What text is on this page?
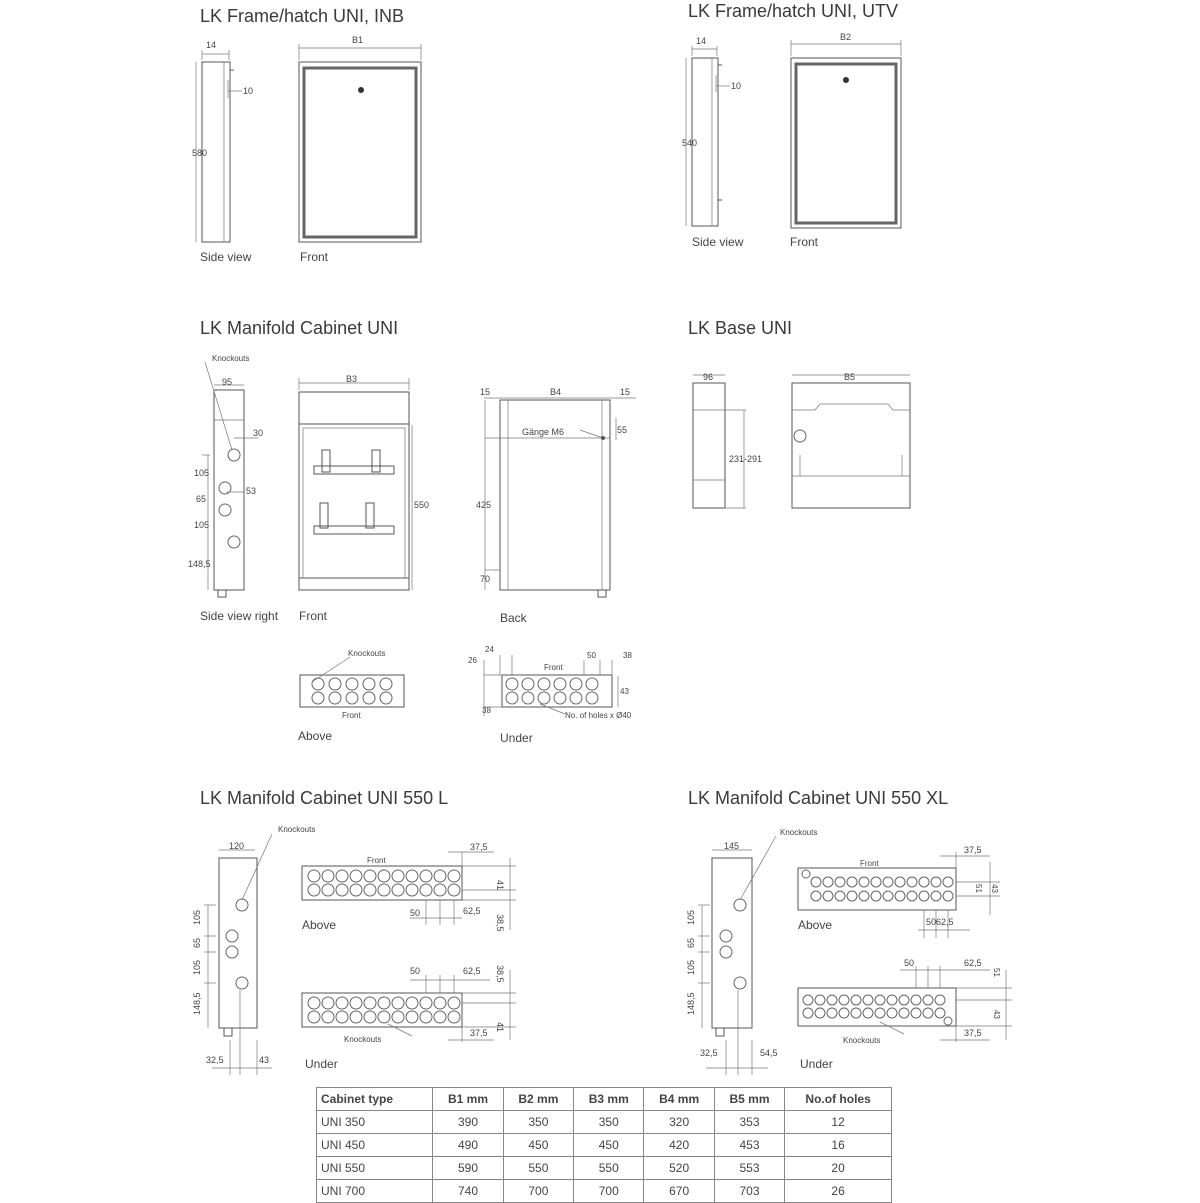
LK Frame/hatch UNI, INB	LK Frame/hatch UNI, UTV
LK Manifold Cabinet UNI	LK Base UNI
LK Manifold Cabinet UNI 550 L	LK Manifold Cabinet UNI 550 XL
Side view	Front
Side view	Front
Side view right Front	Back
Above	Under
Above
Under
Above
Under
14
10
580
B1	14
10
540
B2
Knockouts
95
30
105
65
53
105
148,5
B3
550
15	B4	15
Gänge M6	55
425
70
Knockouts
Front
24
26
Front
50	38
43
38
No. of holes x Ø40
96
231-291
B5
Knockouts
120
105
65
105
148,5
32,5	43
Front
37,5
41
50	62,5
38,5
50	62,5 38,5
37,5
41
Knockouts
Knockouts
145
105
65
105
148,5
32,5	54,5
Front
37,5
51 43
50 62,5
50	62,5
51
43
37,5
Knockouts
Cabinet type	B1 mm	B2 mm	B3 mm	B4 mm	B5 mm	No.of holes
UNI 350	390	350	350	320	353	12
UNI 450	490	450	450	420	453	16
UNI 550	590	550	550	520	553	20
UNI 700	740	700	700	670	703	26
